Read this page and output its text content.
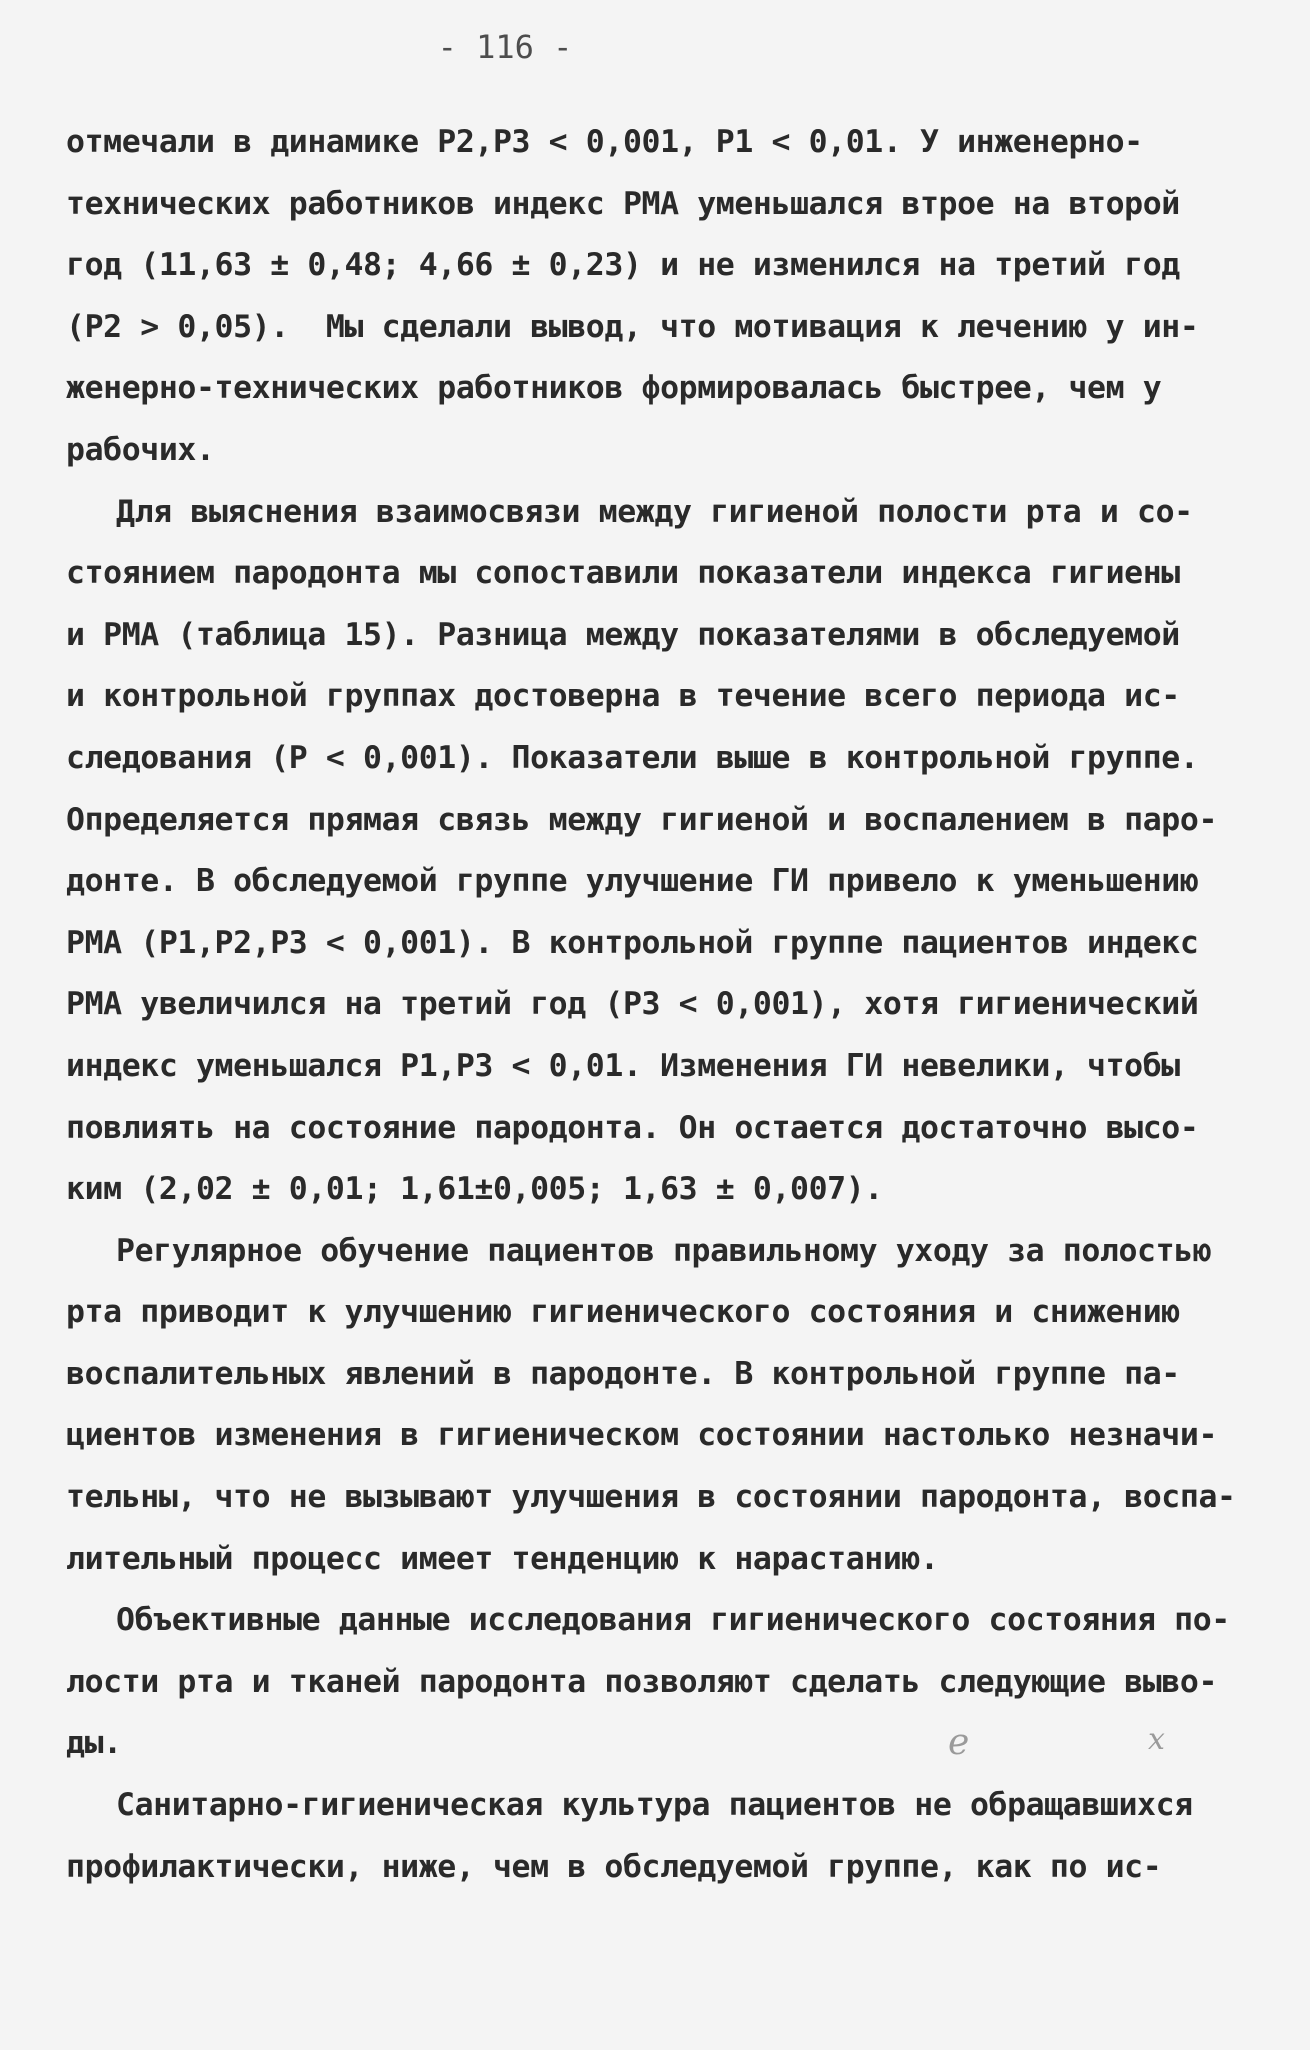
- 116 -

отмечали в динамике P2,P3 < 0,001, P1 < 0,01. У инженерно-

технических работников индекс РМА уменьшался втрое на второй

год (11,63 ± 0,48; 4,66 ± 0,23) и не изменился на третий год

(P2 > 0,05).  Мы сделали вывод, что мотивация к лечению у ин-

женерно-технических работников формировалась быстрее, чем у

рабочих.

Для выяснения взаимосвязи между гигиеной полости рта и со-

стоянием пародонта мы сопоставили показатели индекса гигиены

и РМА (таблица 15). Разница между показателями в обследуемой

и контрольной группах достоверна в течение всего периода ис-

следования (P < 0,001). Показатели выше в контрольной группе.

Определяется прямая связь между гигиеной и воспалением в паро-

донте. В обследуемой группе улучшение ГИ привело к уменьшению

РМА (P1,P2,P3 < 0,001). В контрольной группе пациентов индекс

РМА увеличился на третий год (P3 < 0,001), хотя гигиенический

индекс уменьшался P1,P3 < 0,01. Изменения ГИ невелики, чтобы

повлиять на состояние пародонта. Он остается достаточно высо-

ким (2,02 ± 0,01; 1,61±0,005; 1,63 ± 0,007).

Регулярное обучение пациентов правильному уходу за полостью

рта приводит к улучшению гигиенического состояния и снижению

воспалительных явлений в пародонте. В контрольной группе па-

циентов изменения в гигиеническом состоянии настолько незначи-

тельны, что не вызывают улучшения в состоянии пародонта, воспа-

лительный процесс имеет тенденцию к нарастанию.

Объективные данные исследования гигиенического состояния по-

лости рта и тканей пародонта позволяют сделать следующие выво-

ды.

Санитарно-гигиеническая культура пациентов не обращавшихся

профилактически, ниже, чем в обследуемой группе, как по ис-

e	x
